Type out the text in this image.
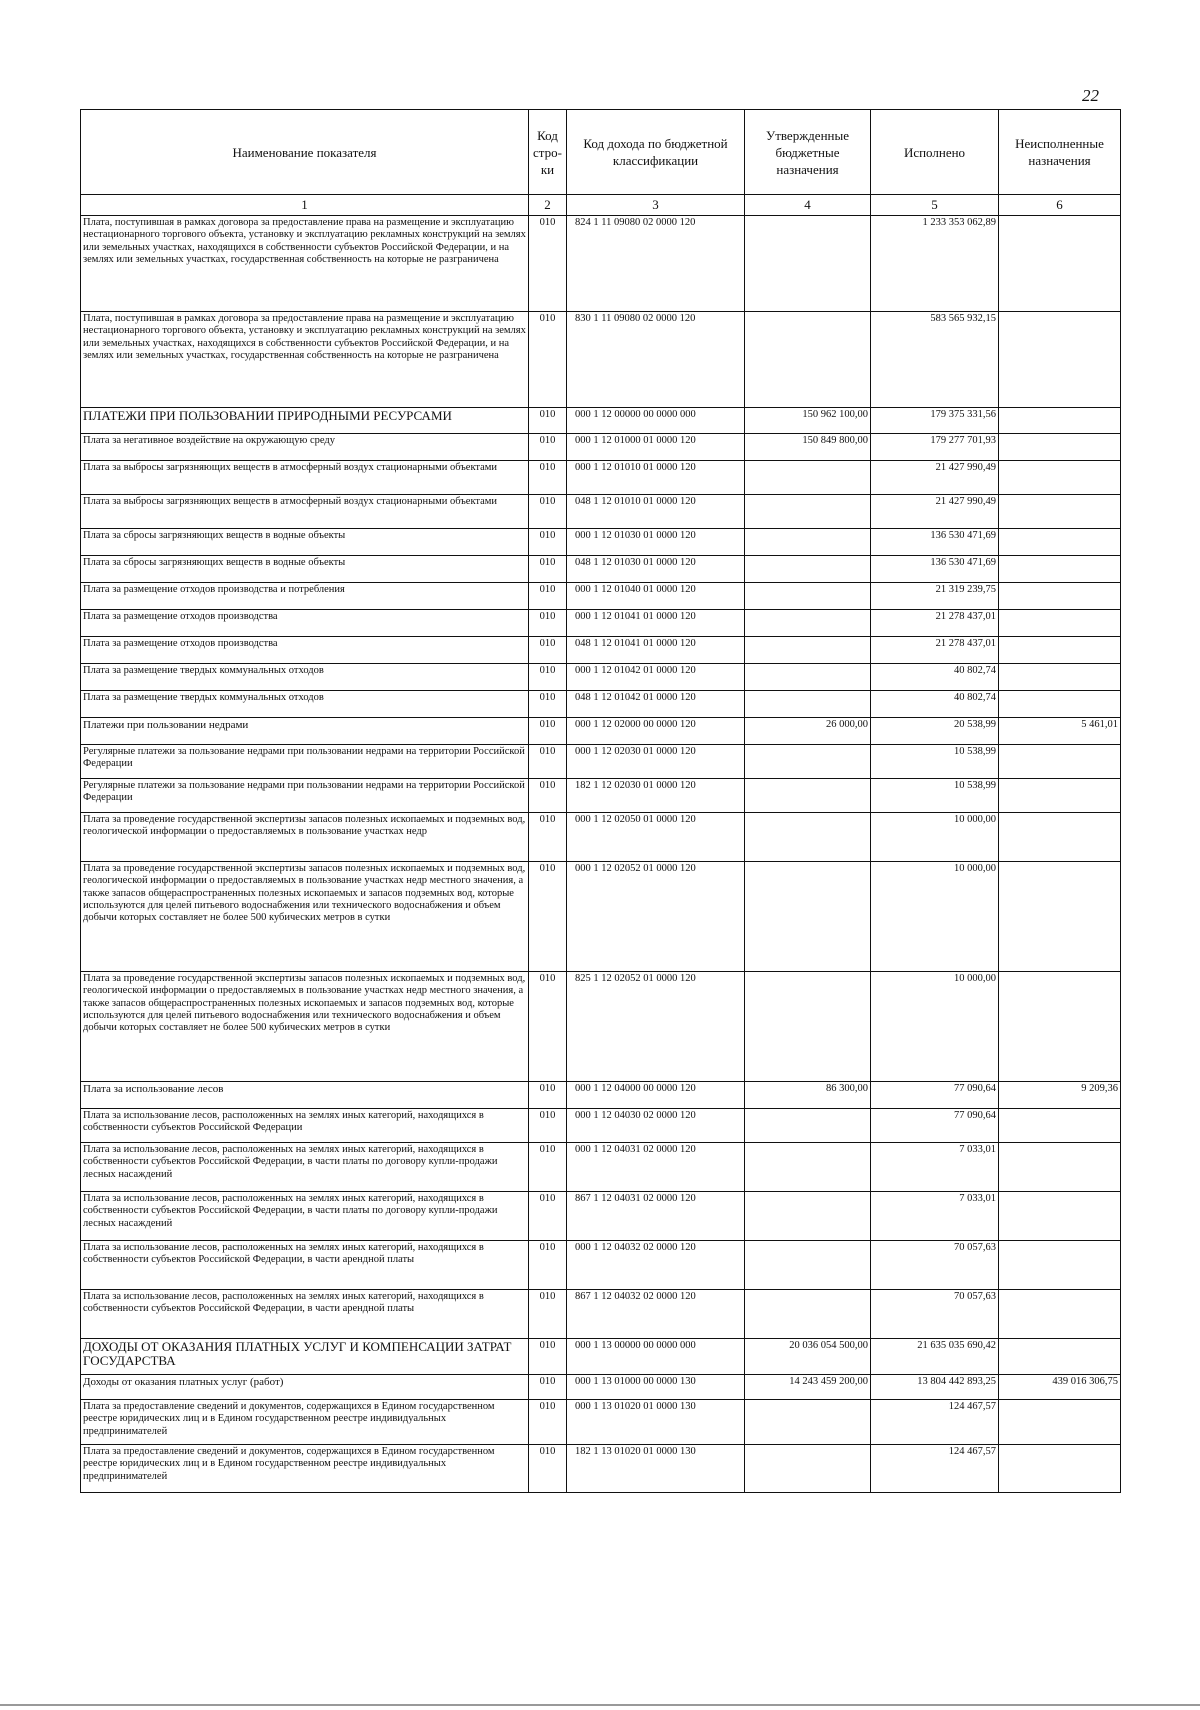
22
Наименование показателя	Код стро- ки	Код дохода по бюджетной классификации	Утвержденные бюджетные назначения	Исполнено	Неисполненные назначения
1	2	3	4	5	6
Плата, поступившая в рамках договора за предоставление права на размещение и эксплуатацию нестационарного торгового объекта, установку и эксплуатацию рекламных конструкций на землях или земельных участках, находящихся в собственности субъектов Российской Федерации, и на землях или земельных участках, государственная собственность на которые не разграничена	010	824 1 11 09080 02 0000 120		1 233 353 062,89	
Плата, поступившая в рамках договора за предоставление права на размещение и эксплуатацию нестационарного торгового объекта, установку и эксплуатацию рекламных конструкций на землях или земельных участках, находящихся в собственности субъектов Российской Федерации, и на землях или земельных участках, государственная собственность на которые не разграничена	010	830 1 11 09080 02 0000 120		583 565 932,15	
ПЛАТЕЖИ ПРИ ПОЛЬЗОВАНИИ ПРИРОДНЫМИ РЕСУРСАМИ	010	000 1 12 00000 00 0000 000	150 962 100,00	179 375 331,56	
Плата за негативное воздействие на окружающую среду	010	000 1 12 01000 01 0000 120	150 849 800,00	179 277 701,93	
Плата за выбросы загрязняющих веществ в атмосферный воздух стационарными объектами	010	000 1 12 01010 01 0000 120		21 427 990,49	
Плата за выбросы загрязняющих веществ в атмосферный воздух стационарными объектами	010	048 1 12 01010 01 0000 120		21 427 990,49	
Плата за сбросы загрязняющих веществ в водные объекты	010	000 1 12 01030 01 0000 120		136 530 471,69	
Плата за сбросы загрязняющих веществ в водные объекты	010	048 1 12 01030 01 0000 120		136 530 471,69	
Плата за размещение отходов производства и потребления	010	000 1 12 01040 01 0000 120		21 319 239,75	
Плата за размещение отходов производства	010	000 1 12 01041 01 0000 120		21 278 437,01	
Плата за размещение отходов производства	010	048 1 12 01041 01 0000 120		21 278 437,01	
Плата за размещение твердых коммунальных отходов	010	000 1 12 01042 01 0000 120		40 802,74	
Плата за размещение твердых коммунальных отходов	010	048 1 12 01042 01 0000 120		40 802,74	
Платежи при пользовании недрами	010	000 1 12 02000 00 0000 120	26 000,00	20 538,99	5 461,01
Регулярные платежи за пользование недрами при пользовании недрами на территории Российской Федерации	010	000 1 12 02030 01 0000 120		10 538,99	
Регулярные платежи за пользование недрами при пользовании недрами на территории Российской Федерации	010	182 1 12 02030 01 0000 120		10 538,99	
Плата за проведение государственной экспертизы запасов полезных ископаемых и подземных вод, геологической информации о предоставляемых в пользование участках недр	010	000 1 12 02050 01 0000 120		10 000,00	
Плата за проведение государственной экспертизы запасов полезных ископаемых и подземных вод, геологической информации о предоставляемых в пользование участках недр местного значения, а также запасов общераспространенных полезных ископаемых и запасов подземных вод, которые используются для целей питьевого водоснабжения или технического водоснабжения и объем добычи которых составляет не более 500 кубических метров в сутки	010	000 1 12 02052 01 0000 120		10 000,00	
Плата за проведение государственной экспертизы запасов полезных ископаемых и подземных вод, геологической информации о предоставляемых в пользование участках недр местного значения, а также запасов общераспространенных полезных ископаемых и запасов подземных вод, которые используются для целей питьевого водоснабжения или технического водоснабжения и объем добычи которых составляет не более 500 кубических метров в сутки	010	825 1 12 02052 01 0000 120		10 000,00	
Плата за использование лесов	010	000 1 12 04000 00 0000 120	86 300,00	77 090,64	9 209,36
Плата за использование лесов, расположенных на землях иных категорий, находящихся в собственности субъектов Российской Федерации	010	000 1 12 04030 02 0000 120		77 090,64	
Плата за использование лесов, расположенных на землях иных категорий, находящихся в собственности субъектов Российской Федерации, в части платы по договору купли-продажи лесных насаждений	010	000 1 12 04031 02 0000 120		7 033,01	
Плата за использование лесов, расположенных на землях иных категорий, находящихся в собственности субъектов Российской Федерации, в части платы по договору купли-продажи лесных насаждений	010	867 1 12 04031 02 0000 120		7 033,01	
Плата за использование лесов, расположенных на землях иных категорий, находящихся в собственности субъектов Российской Федерации, в части арендной платы	010	000 1 12 04032 02 0000 120		70 057,63	
Плата за использование лесов, расположенных на землях иных категорий, находящихся в собственности субъектов Российской Федерации, в части арендной платы	010	867 1 12 04032 02 0000 120		70 057,63	
ДОХОДЫ ОТ ОКАЗАНИЯ ПЛАТНЫХ УСЛУГ И КОМПЕНСАЦИИ ЗАТРАТ ГОСУДАРСТВА	010	000 1 13 00000 00 0000 000	20 036 054 500,00	21 635 035 690,42	
Доходы от оказания платных услуг (работ)	010	000 1 13 01000 00 0000 130	14 243 459 200,00	13 804 442 893,25	439 016 306,75
Плата за предоставление сведений и документов, содержащихся в Едином государственном реестре юридических лиц и в Едином государственном реестре индивидуальных предпринимателей	010	000 1 13 01020 01 0000 130		124 467,57	
Плата за предоставление сведений и документов, содержащихся в Едином государственном реестре юридических лиц и в Едином государственном реестре индивидуальных предпринимателей	010	182 1 13 01020 01 0000 130		124 467,57	
